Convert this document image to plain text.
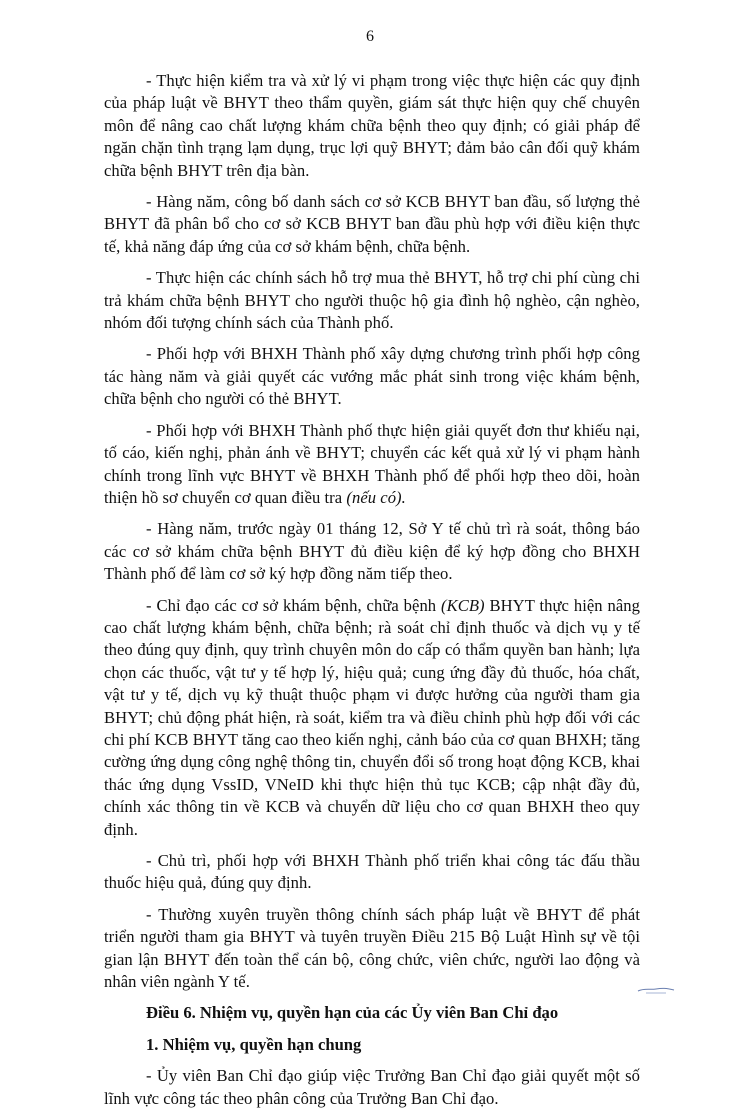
6

- Thực hiện kiểm tra và xử lý vi phạm trong việc thực hiện các quy định của pháp luật về BHYT theo thẩm quyền, giám sát thực hiện quy chế chuyên môn để nâng cao chất lượng khám chữa bệnh theo quy định; có giải pháp để ngăn chặn tình trạng lạm dụng, trục lợi quỹ BHYT; đảm bảo cân đối quỹ khám chữa bệnh BHYT trên địa bàn.

- Hàng năm, công bố danh sách cơ sở KCB BHYT ban đầu, số lượng thẻ BHYT đã phân bổ cho cơ sở KCB BHYT ban đầu phù hợp với điều kiện thực tế, khả năng đáp ứng của cơ sở khám bệnh, chữa bệnh.

- Thực hiện các chính sách hỗ trợ mua thẻ BHYT, hỗ trợ chi phí cùng chi trả khám chữa bệnh BHYT cho người thuộc hộ gia đình hộ nghèo, cận nghèo, nhóm đối tượng chính sách của Thành phố.

- Phối hợp với BHXH Thành phố xây dựng chương trình phối hợp công tác hàng năm và giải quyết các vướng mắc phát sinh trong việc khám bệnh, chữa bệnh cho người có thẻ BHYT.

- Phối hợp với BHXH Thành phố thực hiện giải quyết đơn thư khiếu nại, tố cáo, kiến nghị, phản ánh về BHYT; chuyển các kết quả xử lý vi phạm hành chính trong lĩnh vực BHYT về BHXH Thành phố để phối hợp theo dõi, hoàn thiện hồ sơ chuyển cơ quan điều tra (nếu có).

- Hàng năm, trước ngày 01 tháng 12, Sở Y tế chủ trì rà soát, thông báo các cơ sở khám chữa bệnh BHYT đủ điều kiện để ký hợp đồng cho BHXH Thành phố để làm cơ sở ký hợp đồng năm tiếp theo.

- Chỉ đạo các cơ sở khám bệnh, chữa bệnh (KCB) BHYT thực hiện nâng cao chất lượng khám bệnh, chữa bệnh; rà soát chỉ định thuốc và dịch vụ y tế theo đúng quy định, quy trình chuyên môn do cấp có thẩm quyền ban hành; lựa chọn các thuốc, vật tư y tế hợp lý, hiệu quả; cung ứng đầy đủ thuốc, hóa chất, vật tư y tế, dịch vụ kỹ thuật thuộc phạm vi được hưởng của người tham gia BHYT; chủ động phát hiện, rà soát, kiểm tra và điều chỉnh phù hợp đối với các chi phí KCB BHYT tăng cao theo kiến nghị, cảnh báo của cơ quan BHXH; tăng cường ứng dụng công nghệ thông tin, chuyển đổi số trong hoạt động KCB, khai thác ứng dụng VssID, VNeID khi thực hiện thủ tục KCB; cập nhật đầy đủ, chính xác thông tin về KCB và chuyển dữ liệu cho cơ quan BHXH theo quy định.

- Chủ trì, phối hợp với BHXH Thành phố triển khai công tác đấu thầu thuốc hiệu quả, đúng quy định.

- Thường xuyên truyền thông chính sách pháp luật về BHYT để phát triển người tham gia BHYT và tuyên truyền Điều 215 Bộ Luật Hình sự về tội gian lận BHYT đến toàn thể cán bộ, công chức, viên chức, người lao động và nhân viên ngành Y tế.

Điều 6. Nhiệm vụ, quyền hạn của các Ủy viên Ban Chỉ đạo

1. Nhiệm vụ, quyền hạn chung

- Ủy viên Ban Chỉ đạo giúp việc Trưởng Ban Chỉ đạo giải quyết một số lĩnh vực công tác theo phân công của Trưởng Ban Chỉ đạo.
